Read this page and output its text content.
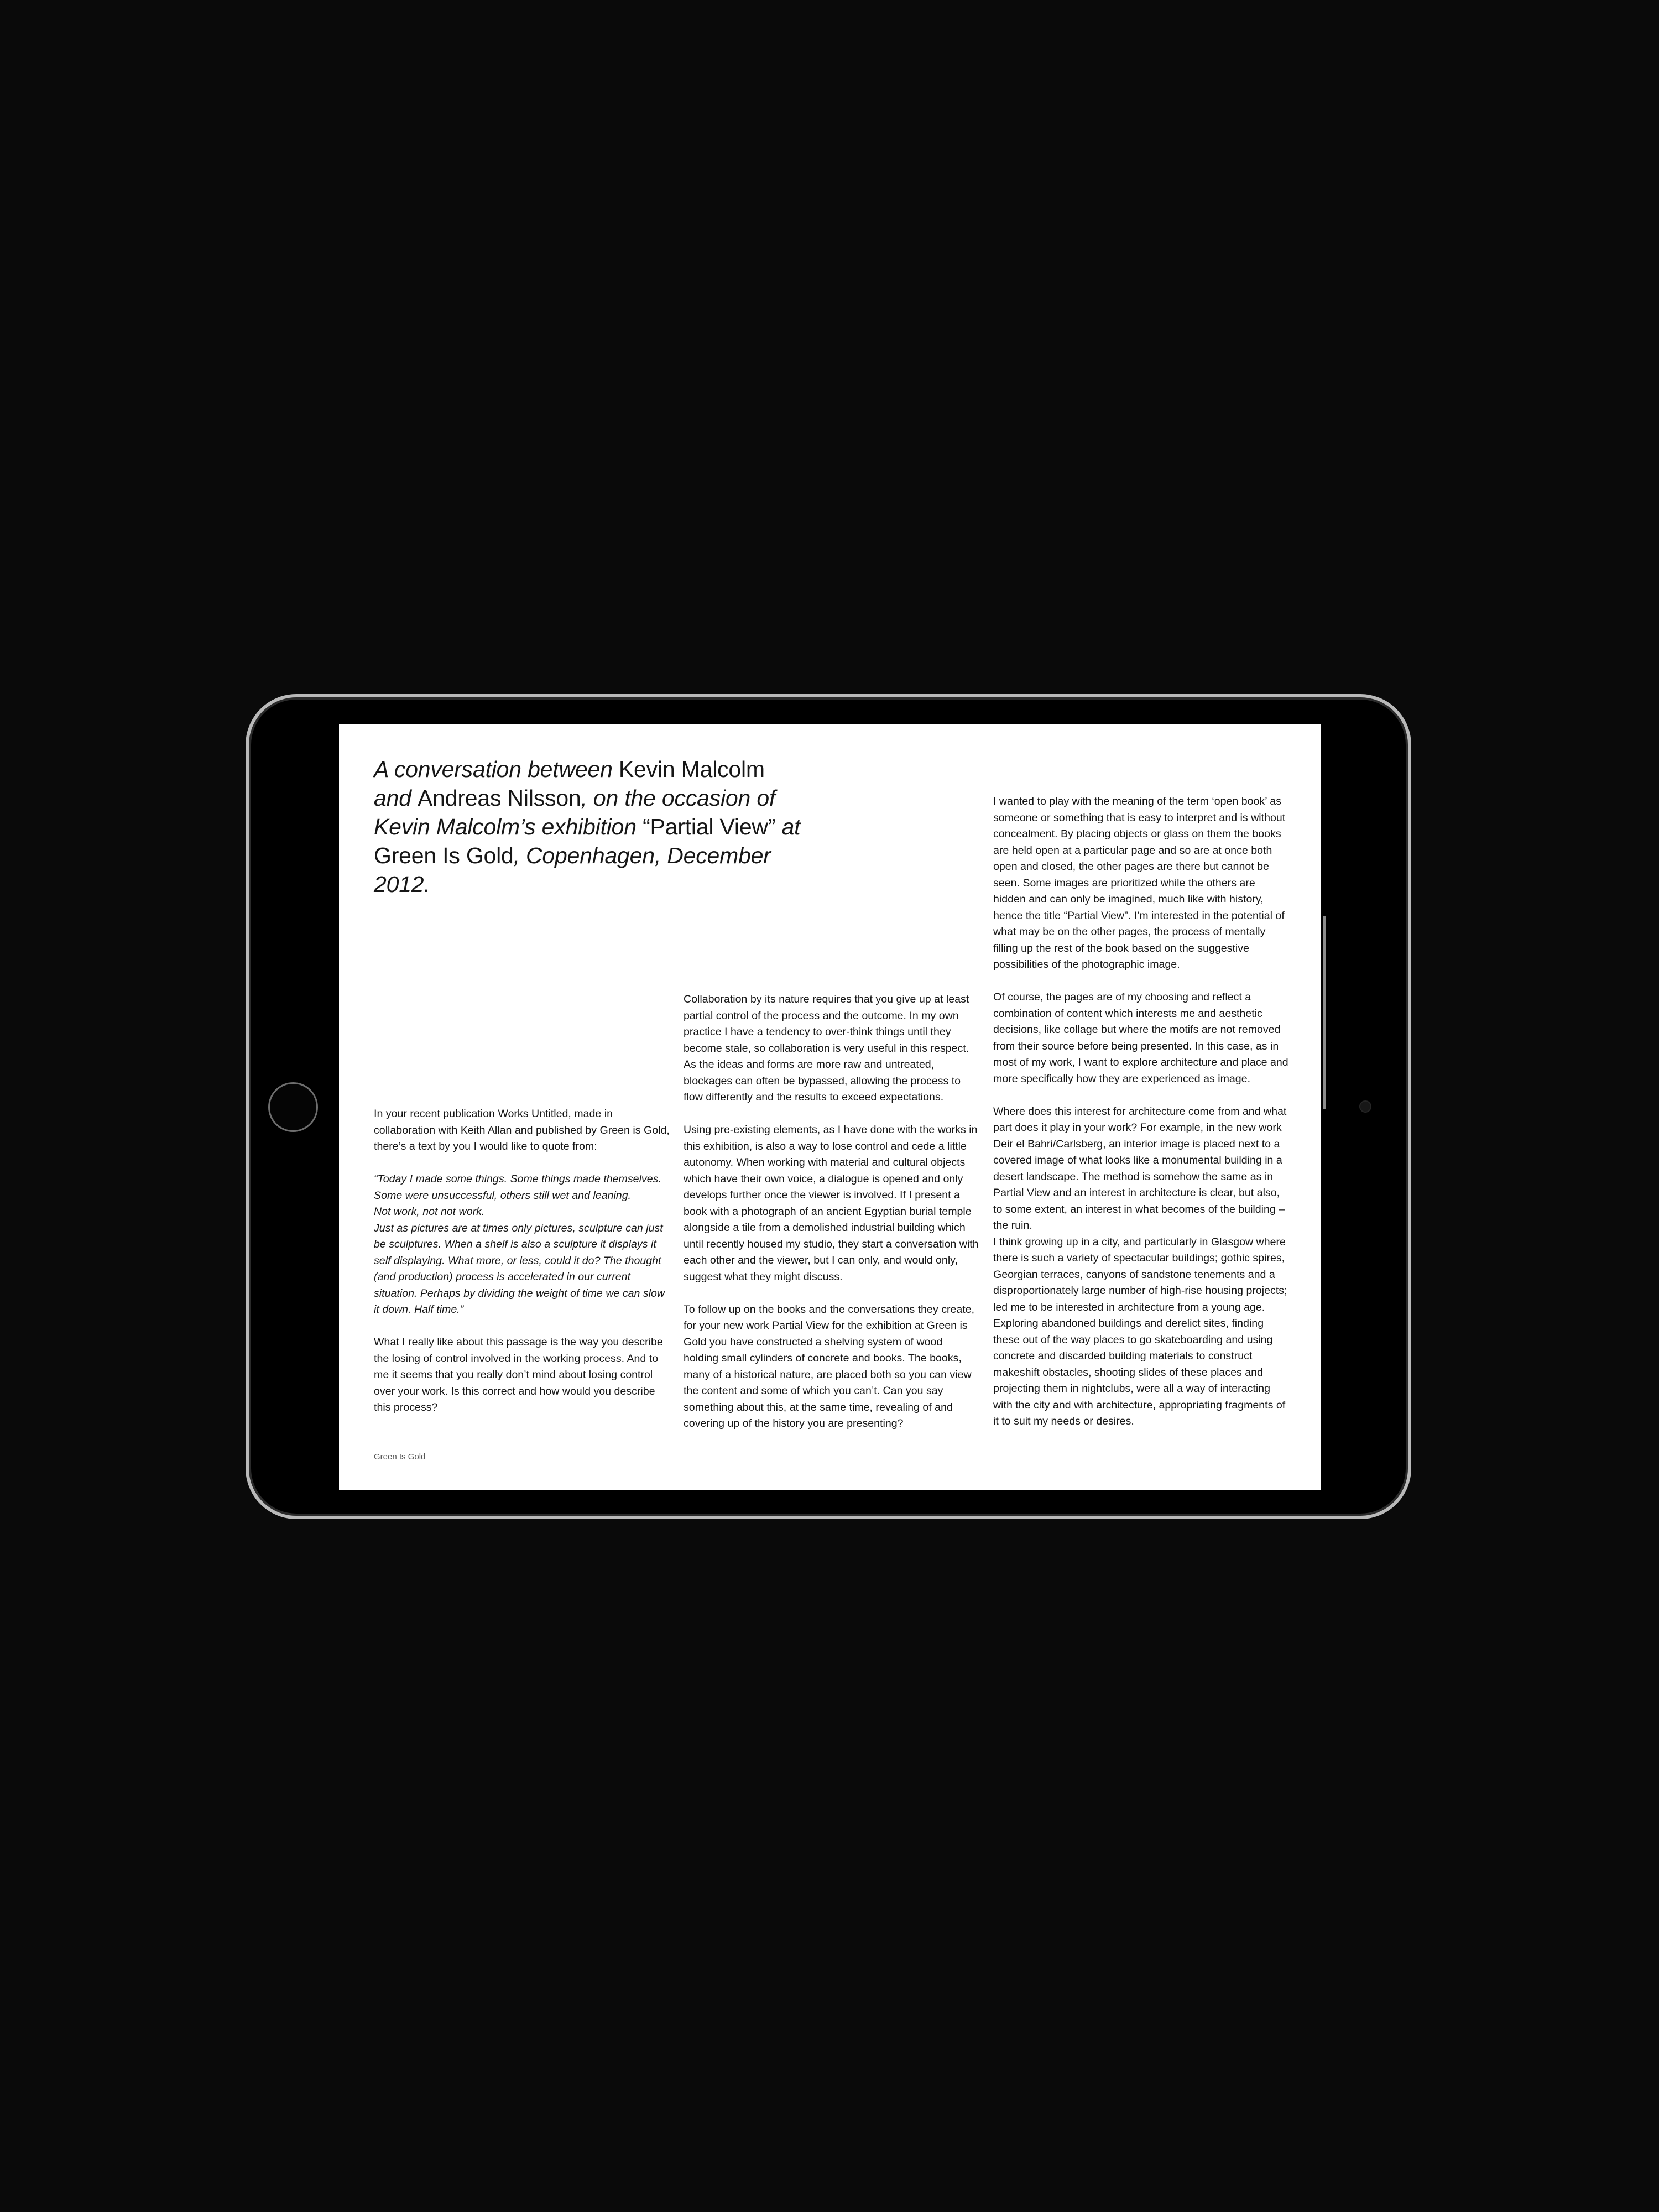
A conversation between Kevin Malcolm
and Andreas Nilsson, on the occasion of Kevin Malcolm’s exhibition “Partial View” at Green Is Gold, Copenhagen, December 2012.

In your recent publication Works Untitled, made in collaboration with Keith Allan and published by Green is Gold, there’s a text by you I would like to quote from:

“Today I made some things. Some things made themselves.

Some were unsuccessful, others still wet and leaning.

Not work, not not work.

Just as pictures are at times only pictures, sculpture can just be sculptures. When a shelf is also a sculpture it displays it self displaying. What more, or less, could it do? The thought (and production) process is accelerated in our current situation. Perhaps by dividing the weight of time we can slow it down. Half time.”

What I really like about this passage is the way you describe the losing of control involved in the working process. And to me it seems that you really don’t mind about losing control over your work. Is this correct and how would you describe this process?

Collaboration by its nature requires that you give up at least partial control of the process and the outcome. In my own practice I have a tendency to over-think things until they become stale, so collaboration is very useful in this respect. As the ideas and forms are more raw and untreated, blockages can often be bypassed, allowing the process to flow differently and the results to exceed expectations.

Using pre-existing elements, as I have done with the works in this exhibition, is also a way to lose control and cede a little autonomy. When working with material and cultural objects which have their own voice, a dialogue is opened and only develops further once the viewer is involved. If I present a book with a photograph of an ancient Egyptian burial temple alongside a tile from a demolished industrial building which until recently housed my studio, they start a conversation with each other and the viewer, but I can only, and would only, suggest what they might discuss.

To follow up on the books and the conversations they create, for your new work Partial View for the exhibition at Green is Gold you have constructed a shelving system of wood holding small cylinders of concrete and books. The books, many of a historical nature, are placed both so you can view the content and some of which you can’t. Can you say something about this, at the same time, revealing of and covering up of the history you are presenting?

I wanted to play with the meaning of the term ‘open book’ as someone or something that is easy to interpret and is without concealment. By placing objects or glass on them the books are held open at a particular page and so are at once both open and closed, the other pages are there but cannot be seen. Some images are prioritized while the others are hidden and can only be imagined, much like with history, hence the title “Partial View”. I’m interested in the potential of what may be on the other pages, the process of mentally filling up the rest of the book based on the suggestive possibilities of the photographic image.

Of course, the pages are of my choosing and reflect a combination of content which interests me and aesthetic decisions, like collage but where the motifs are not removed from their source before being presented. In this case, as in most of my work, I want to explore architecture and place and more specifically how they are experienced as image.

Where does this interest for architecture come from and what part does it play in your work? For example, in the new work Deir el Bahri/Carlsberg, an interior image is placed next to a covered image of what looks like a monumental building in a desert landscape. The method is somehow the same as in Partial View and an interest in architecture is clear, but also, to some extent, an interest in what becomes of the building – the ruin.

I think growing up in a city, and particularly in Glasgow where there is such a variety of spectacular buildings; gothic spires, Georgian terraces, canyons of sandstone tenements and a disproportionately large number of high-rise housing projects; led me to be interested in architecture from a young age. Exploring abandoned buildings and derelict sites, finding these out of the way places to go skateboarding and using concrete and discarded building materials to construct makeshift obstacles, shooting slides of these places and projecting them in nightclubs, were all a way of interacting with the city and with architecture, appropriating fragments of it to suit my needs or desires.

Green Is Gold
